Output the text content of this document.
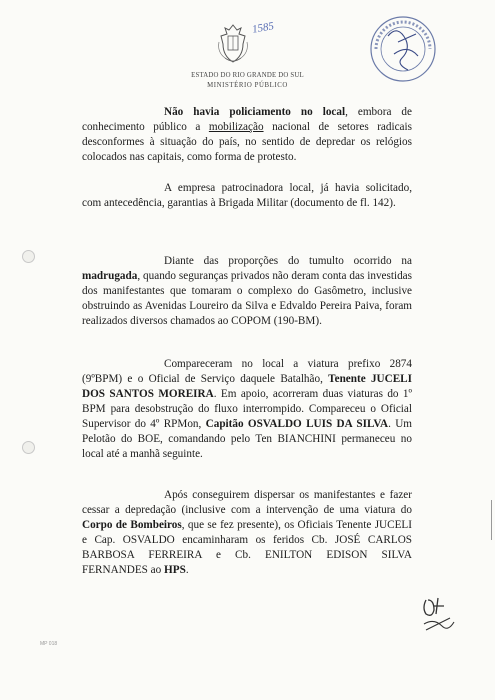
1585
ESTADO DO RIO GRANDE DO SUL
MINISTÉRIO PÚBLICO

Não havia policiamento no local, embora de conhecimento público a mobilização nacional de setores radicais desconformes à situação do país, no sentido de depredar os relógios colocados nas capitais, como forma de protesto.

A empresa patrocinadora local, já havia solicitado, com antecedência, garantias à Brigada Militar (documento de fl. 142).

Diante das proporções do tumulto ocorrido na madrugada, quando seguranças privados não deram conta das investidas dos manifestantes que tomaram o complexo do Gasômetro, inclusive obstruindo as Avenidas Loureiro da Silva e Edvaldo Pereira Paiva, foram realizados diversos chamados ao COPOM (190-BM).

Compareceram no local a viatura prefixo 2874 (9ºBPM) e o Oficial de Serviço daquele Batalhão, Tenente JUCELI DOS SANTOS MOREIRA. Em apoio, acorreram duas viaturas do 1º BPM para desobstrução do fluxo interrompido. Compareceu o Oficial Supervisor do 4º RPMon, Capitão OSVALDO LUIS DA SILVA. Um Pelotão do BOE, comandando pelo Ten BIANCHINI permaneceu no local até a manhã seguinte.

Após conseguirem dispersar os manifestantes e fazer cessar a depredação (inclusive com a intervenção de uma viatura do Corpo de Bombeiros, que se fez presente), os Oficiais Tenente JUCELI e Cap. OSVALDO encaminharam os feridos Cb. JOSÉ CARLOS BARBOSA FERREIRA e Cb. ENILTON EDISON SILVA FERNANDES ao HPS.

MP 018
